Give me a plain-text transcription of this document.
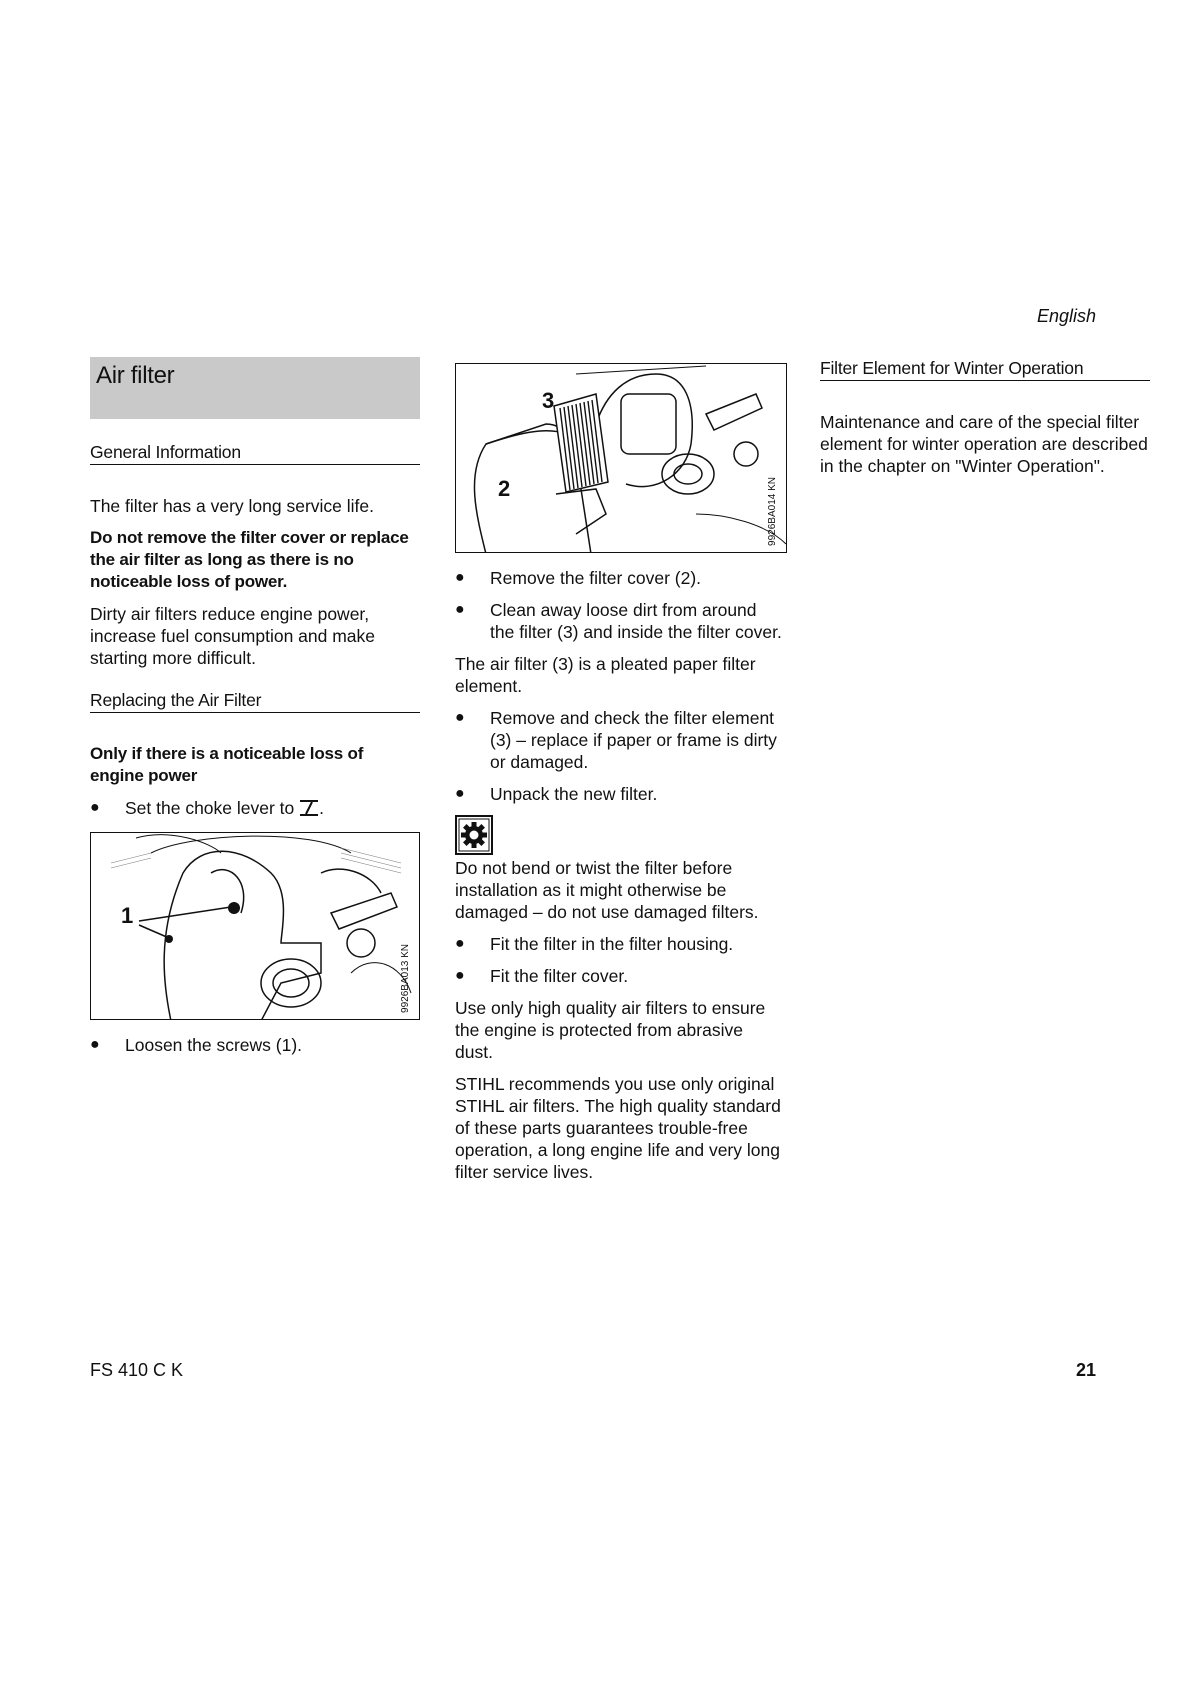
English
Air filter
General Information

The filter has a very long service life.

Do not remove the filter cover or replace the air filter as long as there is no noticeable loss of power.

Dirty air filters reduce engine power, increase fuel consumption and make starting more difficult.

Replacing the Air Filter

Only if there is a noticeable loss of engine power

● Set the choke lever to .
1
9926BA013 KN
● Loosen the screws (1).
3
2	9926BA014 KN
● Remove the filter cover (2).
● Clean away loose dirt from around the filter (3) and inside the filter cover.

The air filter (3) is a pleated paper filter element.

● Remove and check the filter element (3) – replace if paper or frame is dirty or damaged.
● Unpack the new filter.

Do not bend or twist the filter before installation as it might otherwise be damaged – do not use damaged filters.

● Fit the filter in the filter housing.
● Fit the filter cover.

Use only high quality air filters to ensure the engine is protected from abrasive dust.

STIHL recommends you use only original STIHL air filters. The high quality standard of these parts guarantees trouble-free operation, a long engine life and very long filter service lives.

Filter Element for Winter Operation

Maintenance and care of the special filter element for winter operation are described in the chapter on "Winter Operation".

FS 410 C K	21
